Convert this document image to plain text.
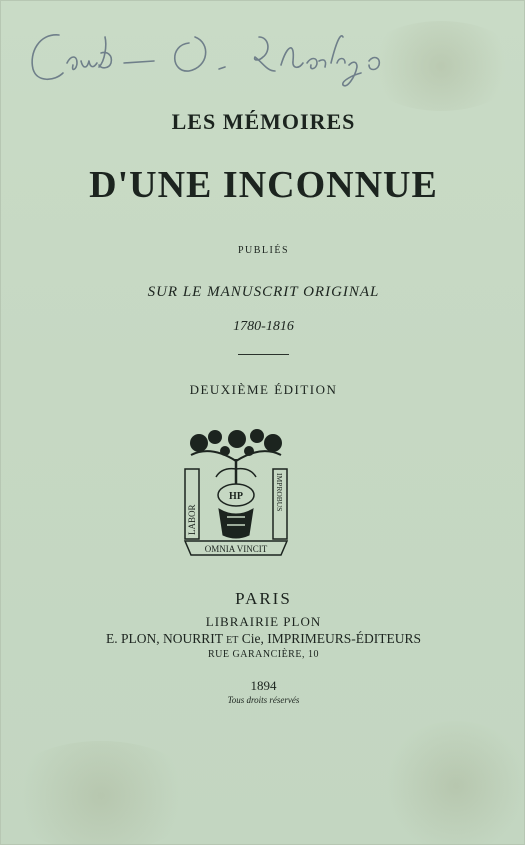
LES MÉMOIRES
D'UNE INCONNUE
PUBLIÉS
SUR LE MANUSCRIT ORIGINAL
1780-1816
DEUXIÈME ÉDITION
HP
LABOR
IMPROBUS
OMNIA VINCIT
PARIS
LIBRAIRIE PLON
E. PLON, NOURRIT ET Cie, IMPRIMEURS-ÉDITEURS
RUE GARANCIÈRE, 10
1894
Tous droits réservés
